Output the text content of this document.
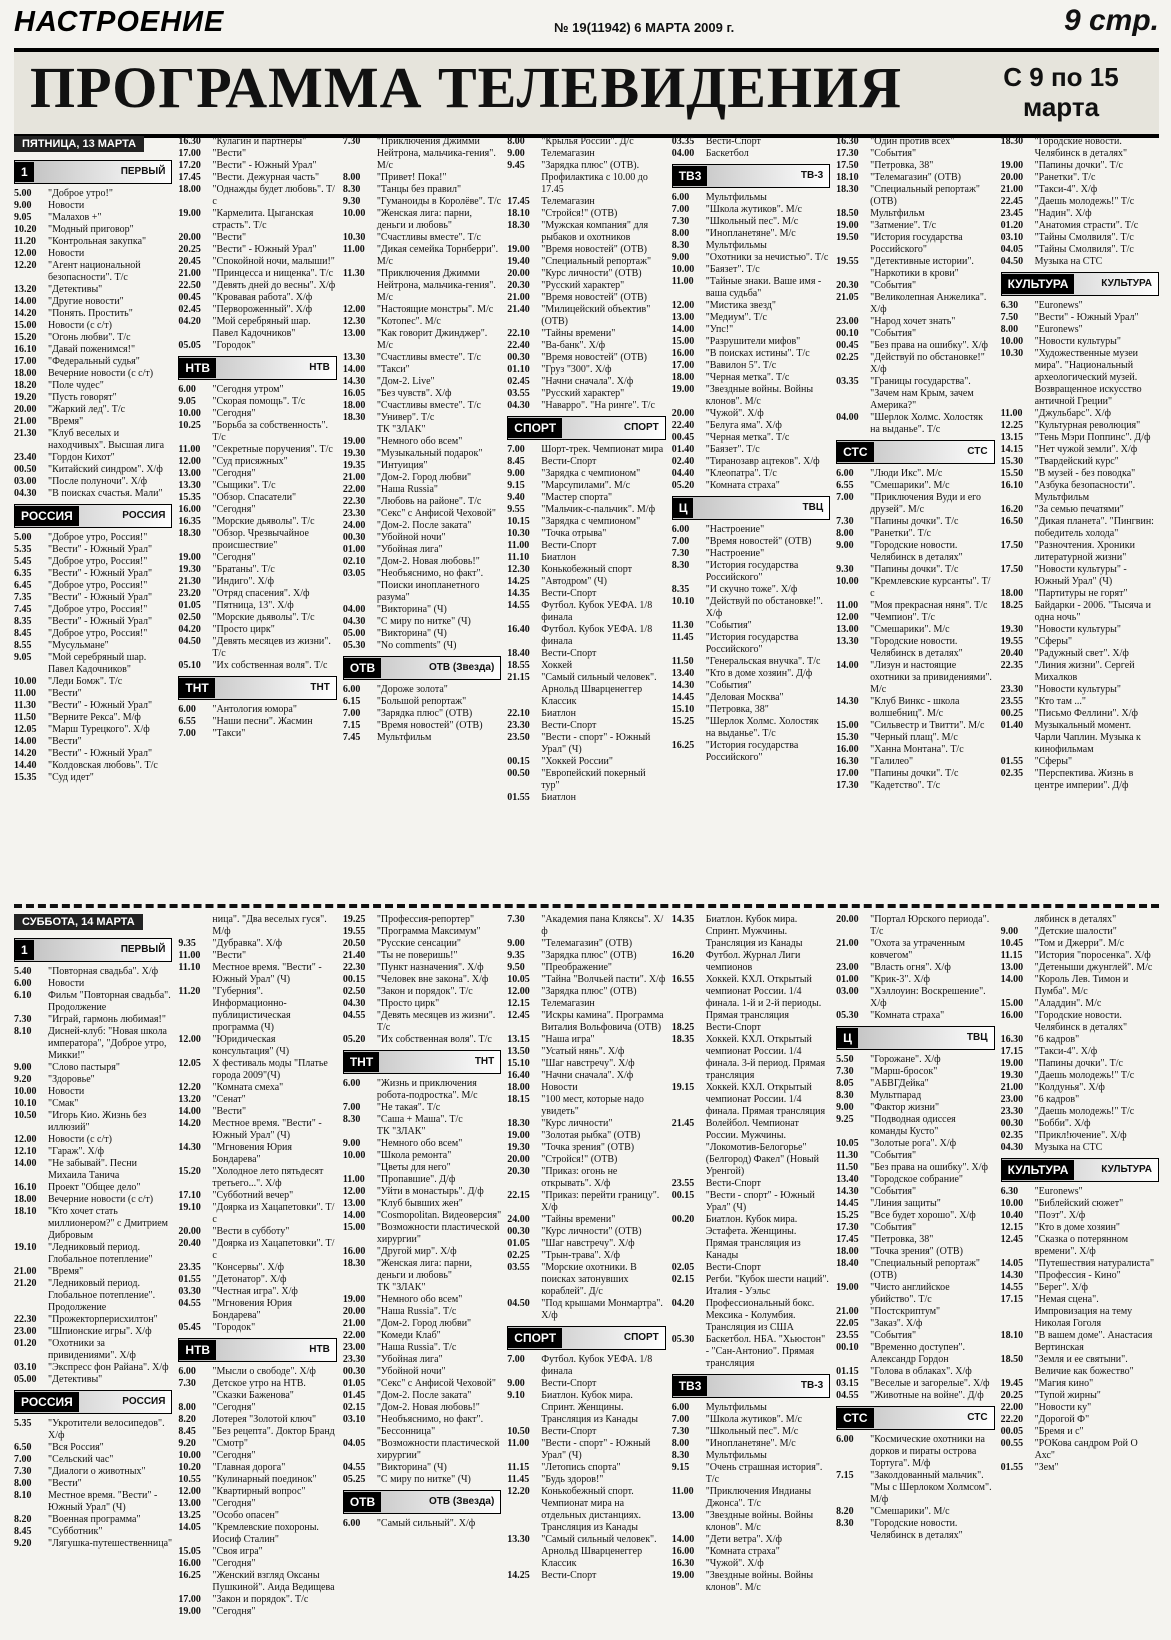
НАСТРОЕНИЕ	№ 19(11942) 6 МАРТА 2009 г.	9 стр.
ПРОГРАММА ТЕЛЕВИДЕНИЯ	С 9 по 15 марта
ПЯТНИЦА, 13 МАРТА
1	ПЕРВЫЙ
5.00	"Доброе утро!"
9.00	Новости
9.05	"Малахов +"
10.20	"Модный приговор"
11.20	"Контрольная закупка"
12.00	Новости
12.20	"Агент национальной безопасности". Т/с
13.20	"Детективы"
14.00	"Другие новости"
14.20	"Понять. Простить"
15.00	Новости (с с/т)
15.20	"Огонь любви". Т/с
16.10	"Давай поженимся!"
17.00	"Федеральный судья"
18.00	Вечерние новости (с с/т)
18.20	"Поле чудес"
19.20	"Пусть говорят"
20.00	"Жаркий лед". Т/с
21.00	"Время"
21.30	"Клуб веселых и находчивых". Высшая лига
23.40	"Гордон Кихот"
00.50	"Китайский синдром". Х/ф
03.00	"После полуночи". Х/ф
04.30	"В поисках счастья. Мали"
РОССИЯ	РОССИЯ
5.00	"Доброе утро, Россия!"
5.35	"Вести" - Южный Урал"
5.45	"Доброе утро, Россия!"
6.35	"Вести" - Южный Урал"
6.45	"Доброе утро, Россия!"
7.35	"Вести" - Южный Урал"
7.45	"Доброе утро, Россия!"
8.35	"Вести" - Южный Урал"
8.45	"Доброе утро, Россия!"
8.55	"Мусульмане"
9.05	"Мой серебряный шар. Павел Кадочников"
10.00	"Леди Бомж". Т/с
11.00	"Вести"
11.30	"Вести" - Южный Урал"
11.50	"Верните Рекса". М/ф
12.05	"Марш Турецкого". Х/ф
14.00	"Вести"
14.20	"Вести" - Южный Урал"
14.40	"Колдовская любовь". Т/с
15.35	"Суд идет"
16.30	"Кулагин и партнеры"
17.00	"Вести"
17.20	"Вести" - Южный Урал"
17.45	"Вести. Дежурная часть"
18.00	"Однажды будет любовь". Т/с
19.00	"Кармелита. Цыганская страсть". Т/с
20.00	"Вести"
20.25	"Вести" - Южный Урал"
20.45	"Спокойной ночи, малыши!"
21.00	"Принцесса и нищенка". Т/с
22.50	"Девять дней до весны". Х/ф
00.45	"Кровавая работа". Х/ф
02.45	"Первороженный". Х/ф
04.20	"Мой серебряный шар. Павел Кадочников"
05.05	"Городок"
НТВ	НТВ
6.00	"Сегодня утром"
9.05	"Скорая помощь". Т/с
10.00	"Сегодня"
10.25	"Борьба за собственность". Т/с
11.00	"Секретные поручения". Т/с
12.00	"Суд присяжных"
13.00	"Сегодня"
13.30	"Сыщики". Т/с
15.35	"Обзор. Спасатели"
16.00	"Сегодня"
16.35	"Морские дьяволы". Т/с
18.30	"Обзор. Чрезвычайное происшествие"
19.00	"Сегодня"
19.30	"Братаны". Т/с
21.30	"Индиго". Х/ф
23.20	"Отряд спасения". Х/ф
01.05	"Пятница, 13". Х/ф
02.50	"Морские дьяволы". Т/с
04.20	"Просто цирк"
04.50	"Девять месяцев из жизни". Т/с
05.10	"Их собственная воля". Т/с
ТНТ	ТНТ
6.00	"Антология юмора"
6.55	"Наши песни". Жасмин
7.00	"Такси"
7.30	"Приключения Джимми Нейтрона, мальчика-гения". М/с
8.00	"Привет! Пока!"
8.30	"Танцы без правил"
9.30	"Гуманоиды в Королёве". Т/с
10.00	"Женская лига: парни, деньги и любовь"
10.30	"Счастливы вместе". Т/с
11.00	"Дикая семейка Торнберри". М/с
11.30	"Приключения Джимми Нейтрона, мальчика-гения". М/с
12.00	"Настоящие монстры". М/с
12.30	"Котопес". М/с
13.00	"Как говорит Джинджер". М/с
13.30	"Счастливы вместе". Т/с
14.00	"Такси"
14.30	"Дом-2. Live"
16.05	"Без чувств". Х/ф
18.00	"Счастливы вместе". Т/с
18.30	"Универ". Т/с
ТК "ЗЛАК"
19.00	"Немного обо всем"
19.30	"Музыкальный подарок"
19.35	"Интуиция"
21.00	"Дом-2. Город любви"
22.00	"Наша Russia"
22.30	"Любовь на районе". Т/с
23.30	"Секс" с Анфисой Чеховой"
24.00	"Дом-2. После заката"
00.30	"Убойной ночи"
01.00	"Убойная лига"
02.10	"Дом-2. Новая любовь!"
03.05	"Необъяснимо, но факт". "Поиски инопланетного разума"
04.00	"Викторина" (Ч)
04.30	"С миру по нитке" (Ч)
05.00	"Викторина" (Ч)
05.30	"No comments" (Ч)
ОТВ	ОТВ (Звезда)
6.00	"Дороже золота"
6.15	"Большой репортаж"
7.00	"Зарядка плюс" (ОТВ)
7.15	"Время новостей" (ОТВ)
7.45	Мультфильм
8.00	"Крылья России". Д/с
9.00	Телемагазин
9.45	"Зарядка плюс" (ОТВ). Профилактика с 10.00 до 17.45
17.45	Телемагазин
18.10	"Стройся!" (ОТВ)
18.30	"Мужская компания" для рыбаков и охотников
19.00	"Время новостей" (ОТВ)
19.40	"Специальный репортаж"
20.00	"Курс личности" (ОТВ)
20.30	"Русский характер"
21.00	"Время новостей" (ОТВ)
21.40	"Милицейский объектив" (ОТВ)
22.10	"Тайны времени"
22.40	"Ва-банк". Х/ф
00.30	"Время новостей" (ОТВ)
01.10	"Груз "300". Х/ф
02.45	"Начни сначала". Х/ф
03.55	"Русский характер"
04.30	"Наварро". "На ринге". Т/с
СПОРТ	СПОРТ
7.00	Шорт-трек. Чемпионат мира
8.45	Вести-Спорт
9.00	"Зарядка с чемпионом"
9.15	"Марсупилами". М/с
9.40	"Мастер спорта"
9.55	"Мальчик-с-пальчик". М/ф
10.15	"Зарядка с чемпионом"
10.30	"Точка отрыва"
11.00	Вести-Спорт
11.10	Биатлон
12.30	Конькобежный спорт
14.25	"Автодром" (Ч)
14.35	Вести-Спорт
14.55	Футбол. Кубок УЕФА. 1/8 финала
16.40	Футбол. Кубок УЕФА. 1/8 финала
18.40	Вести-Спорт
18.55	Хоккей
21.15	"Самый сильный человек". Арнольд Шварценеггер Классик
22.10	Биатлон
23.30	Вести-Спорт
23.50	"Вести - спорт" - Южный Урал" (Ч)
00.15	"Хоккей России"
00.50	"Европейский покерный тур"
01.55	Биатлон
03.35	Вести-Спорт
04.00	Баскетбол
ТВ3	ТВ-3
6.00	Мультфильмы
7.00	"Школа жутиков". М/с
7.30	"Школьный пес". М/с
8.00	"Инопланетяне". М/с
8.30	Мультфильмы
9.00	"Охотники за нечистью". Т/с
10.00	"Баязет". Т/с
11.00	"Тайные знаки. Ваше имя - ваша судьба"
12.00	"Мистика звезд"
13.00	"Медиум". Т/с
14.00	"Упс!"
15.00	"Разрушители мифов"
16.00	"В поисках истины". Т/с
17.00	"Вавилон 5". Т/с
18.00	"Черная метка". Т/с
19.00	"Звездные войны. Войны клонов". М/с
20.00	"Чужой". Х/ф
22.40	"Белуга яма". Х/ф
00.45	"Черная метка". Т/с
01.40	"Баязет". Т/с
02.40	"Тиранозавр ацтеков". Х/ф
04.40	"Клеопатра". Т/с
05.20	"Комната страха"
Ц	ТВЦ
6.00	"Настроение"
7.00	"Время новостей" (ОТВ)
7.30	"Настроение"
8.30	"История государства Российского"
8.35	"И скучно тоже". Х/ф
10.10	"Действуй по обстановке!". Х/ф
11.30	"События"
11.45	"История государства Российского"
11.50	"Генеральская внучка". Т/с
13.40	"Кто в доме хозяин". Д/ф
14.30	"События"
14.45	"Деловая Москва"
15.10	"Петровка, 38"
15.25	"Шерлок Холмс. Холостяк на выданье". Т/с
16.25	"История государства Российского"
16.30	"Один против всех"
17.30	"События"
17.50	"Петровка, 38"
18.10	"Телемагазин" (ОТВ)
18.30	"Специальный репортаж" (ОТВ)
18.50	Мультфильм
19.00	"Затмение". Т/с
19.50	"История государства Российского"
19.55	"Детективные истории". "Наркотики в крови"
20.30	"События"
21.05	"Великолепная Анжелика". Х/ф
23.00	"Народ хочет знать"
00.10	"События"
00.45	"Без права на ошибку". Х/ф
02.25	"Действуй по обстановке!" Х/ф
03.35	"Границы государства". "Зачем нам Крым, зачем Америка?"
04.00	"Шерлок Холмс. Холостяк на выданье". Т/с
СТС	СТС
6.00	"Люди Икс". М/с
6.55	"Смешарики". М/с
7.00	"Приключения Вуди и его друзей". М/с
7.30	"Папины дочки". Т/с
8.00	"Ранетки". Т/с
9.00	"Городские новости. Челябинск в деталях"
9.30	"Папины дочки". Т/с
10.00	"Кремлевские курсанты". Т/с
11.00	"Моя прекрасная няня". Т/с
12.00	"Чемпион". Т/с
13.00	"Смешарики". М/с
13.30	"Городские новости. Челябинск в деталях"
14.00	"Лизун и настоящие охотники за привидениями". М/с
14.30	"Клуб Винкс - школа волшебниц". М/с
15.00	"Сильвестр и Твитти". М/с
15.30	"Черный плащ". М/с
16.00	"Ханна Монтана". Т/с
16.30	"Галилео"
17.00	"Папины дочки". Т/с
17.30	"Кадетство". Т/с
18.30	"Городские новости. Челябинск в деталях"
19.00	"Папины дочки". Т/с
20.00	"Ранетки". Т/с
21.00	"Такси-4". Х/ф
22.45	"Даешь молодежь!" Т/с
23.45	"Надин". Х/ф
01.20	"Анатомия страсти". Т/с
03.10	"Тайны Смолвиля". Т/с
04.05	"Тайны Смолвиля". Т/с
04.50	Музыка на СТС
КУЛЬТУРА	КУЛЬТУРА
6.30	"Euronews"
7.50	"Вести" - Южный Урал"
8.00	"Euronews"
10.00	"Новости культуры"
10.30	"Художественные музеи мира". "Национальный археологический музей. Возвращенное искусство античной Греции"
11.00	"Джульбарс". Х/ф
12.25	"Культурная революция"
13.15	"Тень Мэри Поппинс". Д/ф
14.15	"Нет чужой земли". Х/ф
15.30	"Твардейский курс"
15.50	"В музей - без поводка"
16.10	"Азбука безопасности". Мультфильм
16.20	"За семью печатями"
16.50	"Дикая планета". "Пингвин: победитель холода"
17.50	"Разночтения. Хроники литературной жизни"
17.50	"Новости культуры" - Южный Урал" (Ч)
18.00	"Партитуры не горят"
18.25	Байдарки - 2006. "Тысяча и одна ночь"
19.30	"Новости культуры"
19.55	"Сферы"
20.40	"Радужный свет". Х/ф
22.35	"Линия жизни". Сергей Михалков
23.30	"Новости культуры"
23.55	"Кто там ..."
00.25	"Письмо Феллини". Х/ф
01.40	Музыкальный момент. Чарли Чаплин. Музыка к кинофильмам
01.55	"Сферы"
02.35	"Перспектива. Жизнь в центре империи". Д/ф
СУББОТА, 14 МАРТА
1	ПЕРВЫЙ
5.40	"Повторная свадьба". Х/ф
6.00	Новости
6.10	Фильм "Повторная свадьба". Продолжение
7.30	"Играй, гармонь любимая!"
8.10	Дисней-клуб: "Новая школа императора", "Доброе утро, Микки!"
9.00	"Слово пастыря"
9.20	"Здоровье"
10.00	Новости
10.10	"Смак"
10.50	"Игорь Кио. Жизнь без иллюзий"
12.00	Новости (с с/т)
12.10	"Гараж". Х/ф
14.00	"Не забывай". Песни Михаила Танича
16.10	Проект "Общее дело"
18.00	Вечерние новости (с с/т)
18.10	"Кто хочет стать миллионером?" с Дмитрием Дибровым
19.10	"Ледниковый период. Глобальное потепление"
21.00	"Время"
21.20	"Ледниковый период. Глобальное потепление". Продолжение
22.30	"Прожекторперисхилтон"
23.00	"Шпионские игры". Х/ф
01.20	"Охотники за привидениями". Х/ф
03.10	"Экспресс фон Райана". Х/ф
05.00	"Детективы"
РОССИЯ	РОССИЯ
5.35	"Укротители велосипедов". Х/ф
6.50	"Вся Россия"
7.00	"Сельский час"
7.30	"Диалоги о животных"
8.00	"Вести"
8.10	Местное время. "Вести" - Южный Урал" (Ч)
8.20	"Военная программа"
8.45	"Субботник"
9.20	"Лягушка-путешественница"
ница". "Два веселых гуся". М/ф
9.35	"Дубравка". Х/ф
11.00	"Вести"
11.10	Местное время. "Вести" - Южный Урал" (Ч)
11.20	"Губерния". Информационно-публицистическая программа (Ч)
12.00	"Юридическая консультация" (Ч)
12.05	Х фестиваль моды "Платье города 2009"(Ч)
12.20	"Комната смеха"
13.20	"Сенат"
14.00	"Вести"
14.20	Местное время. "Вести" - Южный Урал" (Ч)
14.30	"Мгновения Юрия Бондарева"
15.20	"Холодное лето пятьдесят третьего...". Х/ф
17.10	"Субботний вечер"
19.10	"Доярка из Хацапетовки". Т/с
20.00	"Вести в субботу"
20.40	"Доярка из Хацапетовки". Т/с
23.35	"Консервы". Х/ф
01.55	"Детонатор". Х/ф
03.30	"Честная игра". Х/ф
04.55	"Мгновения Юрия Бондарева"
05.45	"Городок"
НТВ	НТВ
6.00	"Мысли о свободе". Х/ф
7.30	Детское утро на НТВ. "Сказки Баженова"
8.00	"Сегодня"
8.20	Лотерея "Золотой ключ"
8.45	"Без рецепта". Доктор Бранд
9.20	"Смотр"
10.00	"Сегодня"
10.20	"Главная дорога"
10.55	"Кулинарный поединок"
12.00	"Квартирный вопрос"
13.00	"Сегодня"
13.25	"Особо опасен"
14.05	"Кремлевские похороны. Иосиф Сталин"
15.05	"Своя игра"
16.00	"Сегодня"
16.25	"Женский взгляд Оксаны Пушкиной". Аида Ведищева
17.00	"Закон и порядок". Т/с
19.00	"Сегодня"
19.25	"Профессия-репортер"
19.55	"Программа Максимум"
20.50	"Русские сенсации"
21.40	"Ты не поверишь!"
22.30	"Пункт назначения". Х/ф
00.15	"Человек вне закона". Х/ф
02.50	"Закон и порядок". Т/с
04.30	"Просто цирк"
04.55	"Девять месяцев из жизни". Т/с
05.20	"Их собственная воля". Т/с
ТНТ	ТНТ
6.00	"Жизнь и приключения робота-подростка". М/с
7.00	"Не такая". Т/с
8.30	"Саша + Маша". Т/с
ТК "ЗЛАК"
9.00	"Немного обо всем"
10.00	"Школа ремонта"
"Цветы для него"
11.00	"Пропавшие". Д/ф
12.00	"Уйти в монастырь". Д/ф
13.00	"Клуб бывших жен"
14.00	"Cosmopolitan. Видеоверсия"
15.00	"Возможности пластической хирургии"
16.00	"Другой мир". Х/ф
18.30	"Женская лига: парни, деньги и любовь"
ТК "ЗЛАК"
19.00	"Немного обо всем"
20.00	"Наша Russia". Т/с
21.00	"Дом-2. Город любви"
22.00	"Комеди Клаб"
23.00	"Наша Russia". Т/с
23.30	"Убойная лига"
00.30	"Убойной ночи"
01.05	"Секс" с Анфисой Чеховой"
01.45	"Дом-2. После заката"
02.15	"Дом-2. Новая любовь!"
03.10	"Необъяснимо, но факт". "Бессонница"
04.05	"Возможности пластической хирургии"
04.55	"Викторина" (Ч)
05.25	"С миру по нитке" (Ч)
ОТВ	ОТВ (Звезда)
6.00	"Самый сильный". Х/ф
7.30	"Академия пана Кляксы". Х/ф
9.00	"Телемагазин" (ОТВ)
9.35	"Зарядка плюс" (ОТВ)
9.50	"Преображение"
10.05	"Тайна "Волчьей пасти". Х/ф
12.00	"Зарядка плюс" (ОТВ)
12.15	Телемагазин
12.45	"Искры камина". Программа Виталия Вольфовича (ОТВ)
13.15	"Наша игра"
13.50	"Усатый нянь". Х/ф
15.10	"Шаг навстречу". Х/ф
16.40	"Начни сначала". Х/ф
18.00	Новости
18.15	"100 мест, которые надо увидеть"
18.30	"Курс личности"
19.00	"Золотая рыбка" (ОТВ)
19.30	"Точка зрения" (ОТВ)
20.00	"Стройся!" (ОТВ)
20.30	"Приказ: огонь не открывать". Х/ф
22.15	"Приказ: перейти границу". Х/ф
24.00	"Тайны времени"
00.30	"Курс личности" (ОТВ)
01.05	"Шаг навстречу". Х/ф
02.25	"Трын-трава". Х/ф
03.55	"Морские охотники. В поисках затонувших кораблей". Д/с
04.50	"Под крышами Монмартра". Х/ф
СПОРТ	СПОРТ
7.00	Футбол. Кубок УЕФА. 1/8 финала
9.00	Вести-Спорт
9.10	Биатлон. Кубок мира. Спринт. Женщины. Трансляция из Канады
10.50	Вести-Спорт
11.00	"Вести - спорт" - Южный Урал" (Ч)
11.15	"Летопись спорта"
11.45	"Будь здоров!"
12.20	Конькобежный спорт. Чемпионат мира на отдельных дистанциях. Трансляция из Канады
13.30	"Самый сильный человек". Арнольд Шварценеггер Классик
14.25	Вести-Спорт
14.35	Биатлон. Кубок мира. Спринт. Мужчины. Трансляция из Канады
16.20	Футбол. Журнал Лиги чемпионов
16.55	Хоккей. КХЛ. Открытый чемпионат России. 1/4 финала. 1-й и 2-й периоды. Прямая трансляция
18.25	Вести-Спорт
18.35	Хоккей. КХЛ. Открытый чемпионат России. 1/4 финала. 3-й период. Прямая трансляция
19.15	Хоккей. КХЛ. Открытый чемпионат России. 1/4 финала. Прямая трансляция
21.45	Волейбол. Чемпионат России. Мужчины. "Локомотив-Белогорье" (Белгород) Факел" (Новый Уренгой)
23.55	Вести-Спорт
00.15	"Вести - спорт" - Южный Урал" (Ч)
00.20	Биатлон. Кубок мира. Эстафета. Женщины. Прямая трансляция из Канады
02.05	Вести-Спорт
02.15	Регби. "Кубок шести наций". Италия - Уэльс
04.20	Профессиональный бокс. Мексика - Колумбия. Трансляция из США
05.30	Баскетбол. НБА. "Хьюстон" - "Сан-Антонио". Прямая трансляция
ТВ3	ТВ-3
6.00	Мультфильмы
7.00	"Школа жутиков". М/с
7.30	"Школьный пес". М/с
8.00	"Инопланетяне". М/с
8.30	Мультфильмы
9.15	"Очень страшная история". Т/с
11.00	"Приключения Индианы Джонса". Т/с
13.00	"Звездные войны. Войны клонов". М/с
14.00	"Дети ветра". Х/ф
16.00	"Комната страха"
16.30	"Чужой". Х/ф
19.00	"Звездные войны. Войны клонов". М/с
20.00	"Портал Юрского периода". Т/с
21.00	"Охота за утраченным ковчегом"
23.00	"Власть огня". Х/ф
01.00	"Крик-3". Х/ф
03.00	"Хэллоуин: Воскрешение". Х/ф
05.30	"Комната страха"
Ц	ТВЦ
5.50	"Горожане". Х/ф
7.30	"Марш-бросок"
8.05	"АБВГДейка"
8.30	Мультпарад
9.00	"Фактор жизни"
9.25	"Подводная одиссея команды Кусто"
10.05	"Золотые рога". Х/ф
11.30	"События"
11.50	"Без права на ошибку". Х/ф
13.40	"Городское собрание"
14.30	"События"
14.45	"Линия защиты"
15.25	"Все будет хорошо". Х/ф
17.30	"События"
17.45	"Петровка, 38"
18.00	"Точка зрения" (ОТВ)
18.40	"Специальный репортаж" (ОТВ)
19.00	"Чисто английское убийство". Т/с
21.00	"Постскриптум"
22.05	"Заказ". Х/ф
23.55	"События"
00.10	"Временно доступен". Александр Гордон
01.15	"Голова в облаках". Х/ф
03.15	"Веселые и загорелые". Х/ф
04.55	"Животные на войне". Д/ф
СТС	СТС
6.00	"Космические охотники на дорков и пираты острова Тортуга". М/ф
7.15	"Заколдованный мальчик". "Мы с Шерлоком Холмсом". М/ф
8.20	"Смешарики". М/с
8.30	"Городские новости. Челябинск в деталях"
лябинск в деталях"
9.00	"Детские шалости"
10.45	"Том и Джерри". М/с
11.15	"История "поросенка". Х/ф
13.00	"Детеныши джунглей". М/с
14.00	"Король Лев. Тимон и Пумба". М/с
15.00	"Аладдин". М/с
16.00	"Городские новости. Челябинск в деталях"
16.30	"6 кадров"
17.15	"Такси-4". Х/ф
19.00	"Папины дочки". Т/с
19.30	"Даешь молодежь!" Т/с
21.00	"Колдунья". Х/ф
23.00	"6 кадров"
23.30	"Даешь молодежь!" Т/с
00.30	"Бобби". Х/ф
02.35	"Прикл!ючение". Х/ф
04.30	Музыка на СТС
КУЛЬТУРА	КУЛЬТУРА
6.30	"Euronews"
10.00	"Библейский сюжет"
10.40	"Поэт". Х/ф
12.15	"Кто в доме хозяин"
12.45	"Сказка о потерянном времени". Х/ф
14.05	"Путешествия натуралиста"
14.30	"Профессия - Кино"
14.55	"Берег". Х/ф
17.15	"Немая сцена". Импровизация на тему Николая Гоголя
18.10	"В вашем доме". Анастасия Вертинская
18.50	"Земля и ее святыни". Величие как божество"
19.45	"Магия кино"
20.25	"Тупой жирны"
22.00	"Новости ку"
22.20	"Дорогой Ф"
00.05	"Бремя и с"
00.55	"РОКова сандром Рой О Ахс"
01.55	"Зем"
